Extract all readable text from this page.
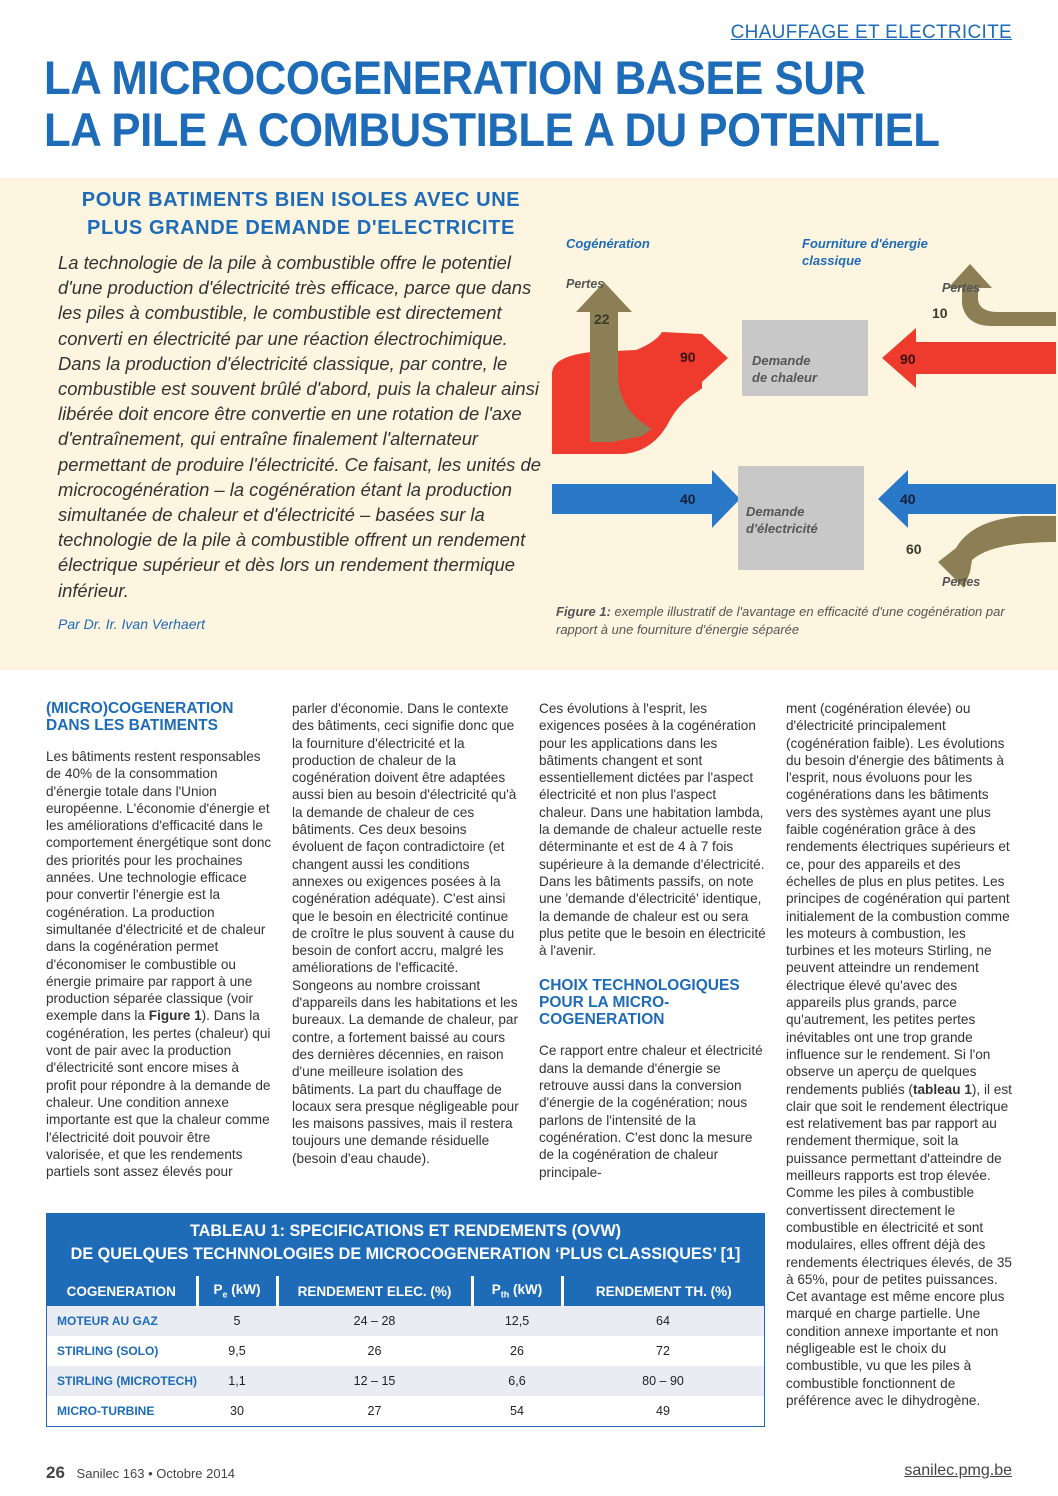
CHAUFFAGE ET ELECTRICITE
LA MICROCOGENERATION BASEE SUR
LA PILE A COMBUSTIBLE A DU POTENTIEL
POUR BATIMENTS BIEN ISOLES AVEC UNE
PLUS GRANDE DEMANDE D'ELECTRICITE

La technologie de la pile à combustible offre le potentiel d'une production d'électricité très efficace, parce que dans les piles à combustible, le combustible est directement converti en électricité par une réaction électrochimique. Dans la production d'électricité classique, par contre, le combustible est souvent brûlé d'abord, puis la chaleur ainsi libérée doit encore être convertie en une rotation de l'axe d'entraînement, qui entraîne finalement l'alternateur permettant de produire l'électricité. Ce faisant, les unités de microcogénération – la cogénération étant la production simultanée de chaleur et d'électricité – basées sur la technologie de la pile à combustible offrent un rendement électrique supérieur et dès lors un rendement thermique inférieur.

Par Dr. Ir. Ivan Verhaert
Cogénération	Fourniture d'énergie
classique
Pertes	Pertes
Pertes
22
90
40
10
90
40
60
Demande
de chaleur
Demande
d'électricité
Figure 1: exemple illustratif de l'avantage en efficacité d'une cogénération par rapport à une fourniture d'énergie séparée
(MICRO)COGENERATION
DANS LES BATIMENTS

Les bâtiments restent responsables de 40% de la consommation d'énergie totale dans l'Union européenne. L'économie d'énergie et les améliorations d'efficacité dans le comportement énergétique sont donc des priorités pour les prochaines années. Une technologie efficace pour convertir l'énergie est la cogénération. La production simultanée d'électricité et de chaleur dans la cogénération permet d'économiser le combustible ou énergie primaire par rapport à une production séparée classique (voir exemple dans la Figure 1). Dans la cogénération, les pertes (chaleur) qui vont de pair avec la production d'électricité sont encore mises à profit pour répondre à la demande de chaleur. Une condition annexe importante est que la chaleur comme l'électricité doit pouvoir être valorisée, et que les rendements partiels sont assez élevés pour

parler d'économie. Dans le contexte des bâtiments, ceci signifie donc que la fourniture d'électricité et la production de chaleur de la cogénération doivent être adaptées aussi bien au besoin d'électricité qu'à la demande de chaleur de ces bâtiments. Ces deux besoins évoluent de façon contradictoire (et changent aussi les conditions annexes ou exigences posées à la cogénération adéquate). C'est ainsi que le besoin en électricité continue de croître le plus souvent à cause du besoin de confort accru, malgré les améliorations de l'efficacité. Songeons au nombre croissant d'appareils dans les habitations et les bureaux. La demande de chaleur, par contre, a fortement baissé au cours des dernières décennies, en raison d'une meilleure isolation des bâtiments. La part du chauffage de locaux sera presque négligeable pour les maisons passives, mais il restera toujours une demande résiduelle (besoin d'eau chaude).

Ces évolutions à l'esprit, les exigences posées à la cogénération pour les applications dans les bâtiments changent et sont essentiellement dictées par l'aspect électricité et non plus l'aspect chaleur. Dans une habitation lambda, la demande de chaleur actuelle reste déterminante et est de 4 à 7 fois supérieure à la demande d'électricité. Dans les bâtiments passifs, on note une 'demande d'électricité' identique, la demande de chaleur est ou sera plus petite que le besoin en électricité à l'avenir.

CHOIX TECHNOLOGIQUES
POUR LA MICRO-
COGENERATION

Ce rapport entre chaleur et électricité dans la demande d'énergie se retrouve aussi dans la conversion d'énergie de la cogénération; nous parlons de l'intensité de la cogénération. C'est donc la mesure de la cogénération de chaleur principale-

ment (cogénération élevée) ou d'électricité principalement (cogénération faible). Les évolutions du besoin d'énergie des bâtiments à l'esprit, nous évoluons pour les cogénérations dans les bâtiments vers des systèmes ayant une plus faible cogénération grâce à des rendements électriques supérieurs et ce, pour des appareils et des échelles de plus en plus petites. Les principes de cogénération qui partent initialement de la combustion comme les moteurs à combustion, les turbines et les moteurs Stirling, ne peuvent atteindre un rendement électrique élevé qu'avec des appareils plus grands, parce qu'autrement, les petites pertes inévitables ont une trop grande influence sur le rendement. Si l'on observe un aperçu de quelques rendements publiés (tableau 1), il est clair que soit le rendement électrique est relativement bas par rapport au rendement thermique, soit la puissance permettant d'atteindre de meilleurs rapports est trop élevée. Comme les piles à combustible convertissent directement le combustible en électricité et sont modulaires, elles offrent déjà des rendements électriques élevés, de 35 à 65%, pour de petites puissances. Cet avantage est même encore plus marqué en charge partielle. Une condition annexe importante et non négligeable est le choix du combustible, vu que les piles à combustible fonctionnent de préférence avec le dihydrogène.

TABLEAU 1: SPECIFICATIONS ET RENDEMENTS (OVW)
DE QUELQUES TECHNNOLOGIES DE MICROCOGENERATION ‘PLUS CLASSIQUES’ [1]
COGENERATION	$P_e$ (kW)	RENDEMENT ELEC. (%)	$P_{th}$ (kW)	RENDEMENT TH. (%)
MOTEUR AU GAZ	5	24 – 28	12,5	64
STIRLING (SOLO)	9,5	26	26	72
STIRLING (MICROTECH)	1,1	12 – 15	6,6	80 – 90
MICRO-TURBINE	30	27	54	49
26 Sanilec 163 • Octobre 2014	sanilec.pmg.be
